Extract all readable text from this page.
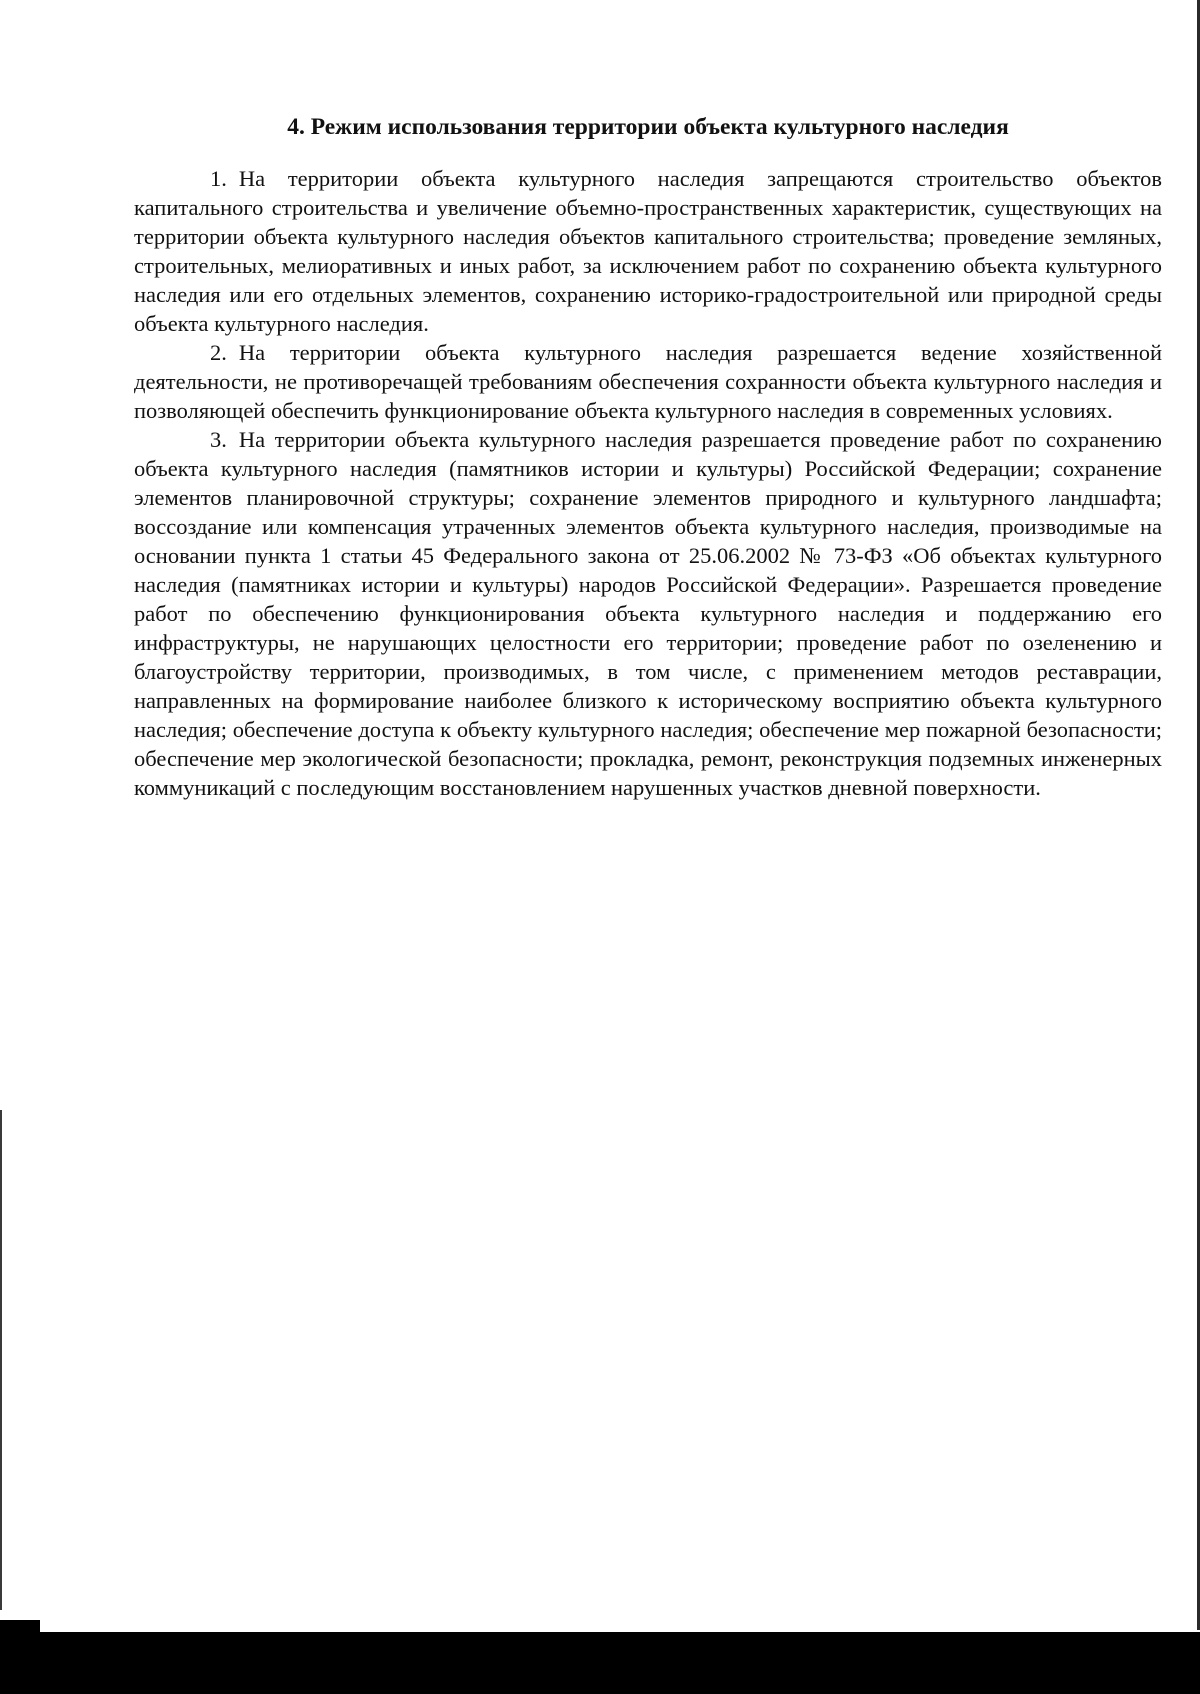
4. Режим использования территории объекта культурного наследия

1. На территории объекта культурного наследия запрещаются строительство объектов капитального строительства и увеличение объемно-пространственных характеристик, существующих на территории объекта культурного наследия объектов капитального строительства; проведение земляных, строительных, мелиоративных и иных работ, за исключением работ по сохранению объекта культурного наследия или его отдельных элементов, сохранению историко-градостроительной или природной среды объекта культурного наследия.

2. На территории объекта культурного наследия разрешается ведение хозяйственной деятельности, не противоречащей требованиям обеспечения сохранности объекта культурного наследия и позволяющей обеспечить функционирование объекта культурного наследия в современных условиях.

3. На территории объекта культурного наследия разрешается проведение работ по сохранению объекта культурного наследия (памятников истории и культуры) Российской Федерации; сохранение элементов планировочной структуры; сохранение элементов природного и культурного ландшафта; воссоздание или компенсация утраченных элементов объекта культурного наследия, производимые на основании пункта 1 статьи 45 Федерального закона от 25.06.2002 № 73-ФЗ «Об объектах культурного наследия (памятниках истории и культуры) народов Российской Федерации». Разрешается проведение работ по обеспечению функционирования объекта культурного наследия и поддержанию его инфраструктуры, не нарушающих целостности его территории; проведение работ по озеленению и благоустройству территории, производимых, в том числе, с применением методов реставрации, направленных на формирование наиболее близкого к историческому восприятию объекта культурного наследия; обеспечение доступа к объекту культурного наследия; обеспечение мер пожарной безопасности; обеспечение мер экологической безопасности; прокладка, ремонт, реконструкция подземных инженерных коммуникаций с последующим восстановлением нарушенных участков дневной поверхности.
